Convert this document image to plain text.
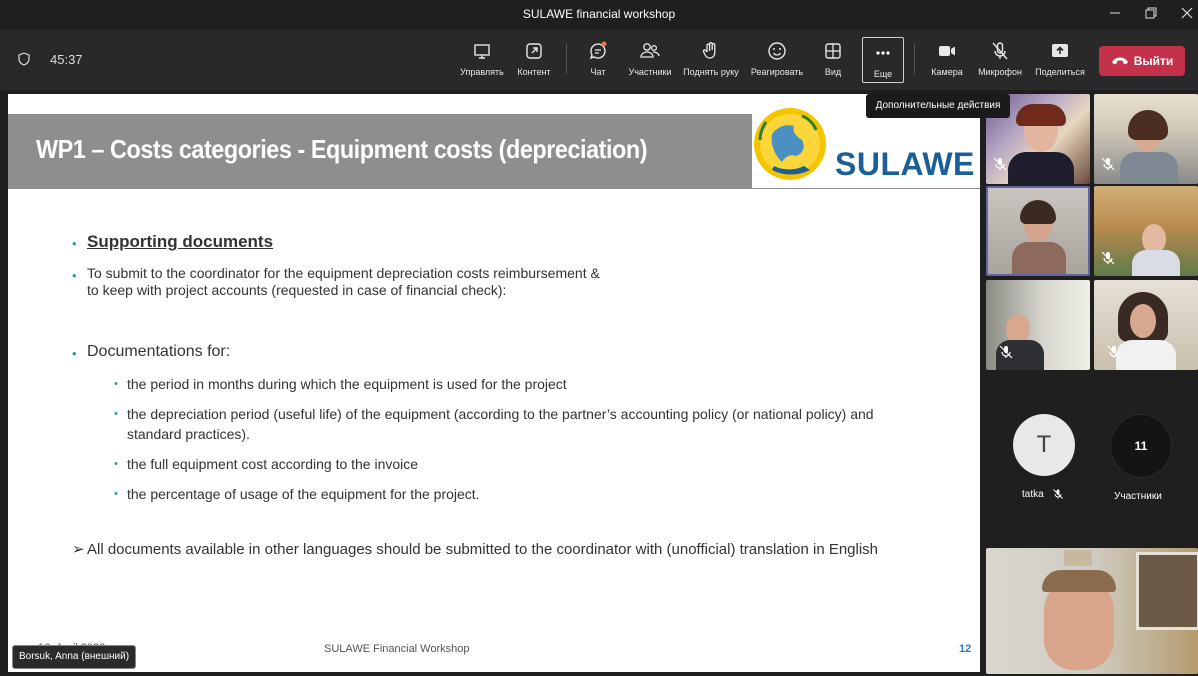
SULAWE financial workshop
45:37
Управлять Контент	Чат	Участники Поднять руку Реагировать Вид	Еще	Камера Микрофон Поделиться
Выйти
Дополнительные действия
WP1 – Costs categories - Equipment costs (depreciation)	SULAWE
• Supporting documents
• To submit to the coordinator for the equipment depreciation costs reimbursement &
to keep with project accounts (requested in case of financial check):
• Documentations for:
• the period in months during which the equipment is used for the project
• the depreciation period (useful life) of the equipment (according to the partner’s accounting policy (or national policy) and
standard practices).
• the full equipment cost according to the invoice
• the percentage of usage of the equipment for the project.
➢ All documents available in other languages should be submitted to the coordinator with (unofficial) translation in English
SULAWE Financial Workshop	12
Borsuk, Anna (внешний)
T
tatka
11
Участники
